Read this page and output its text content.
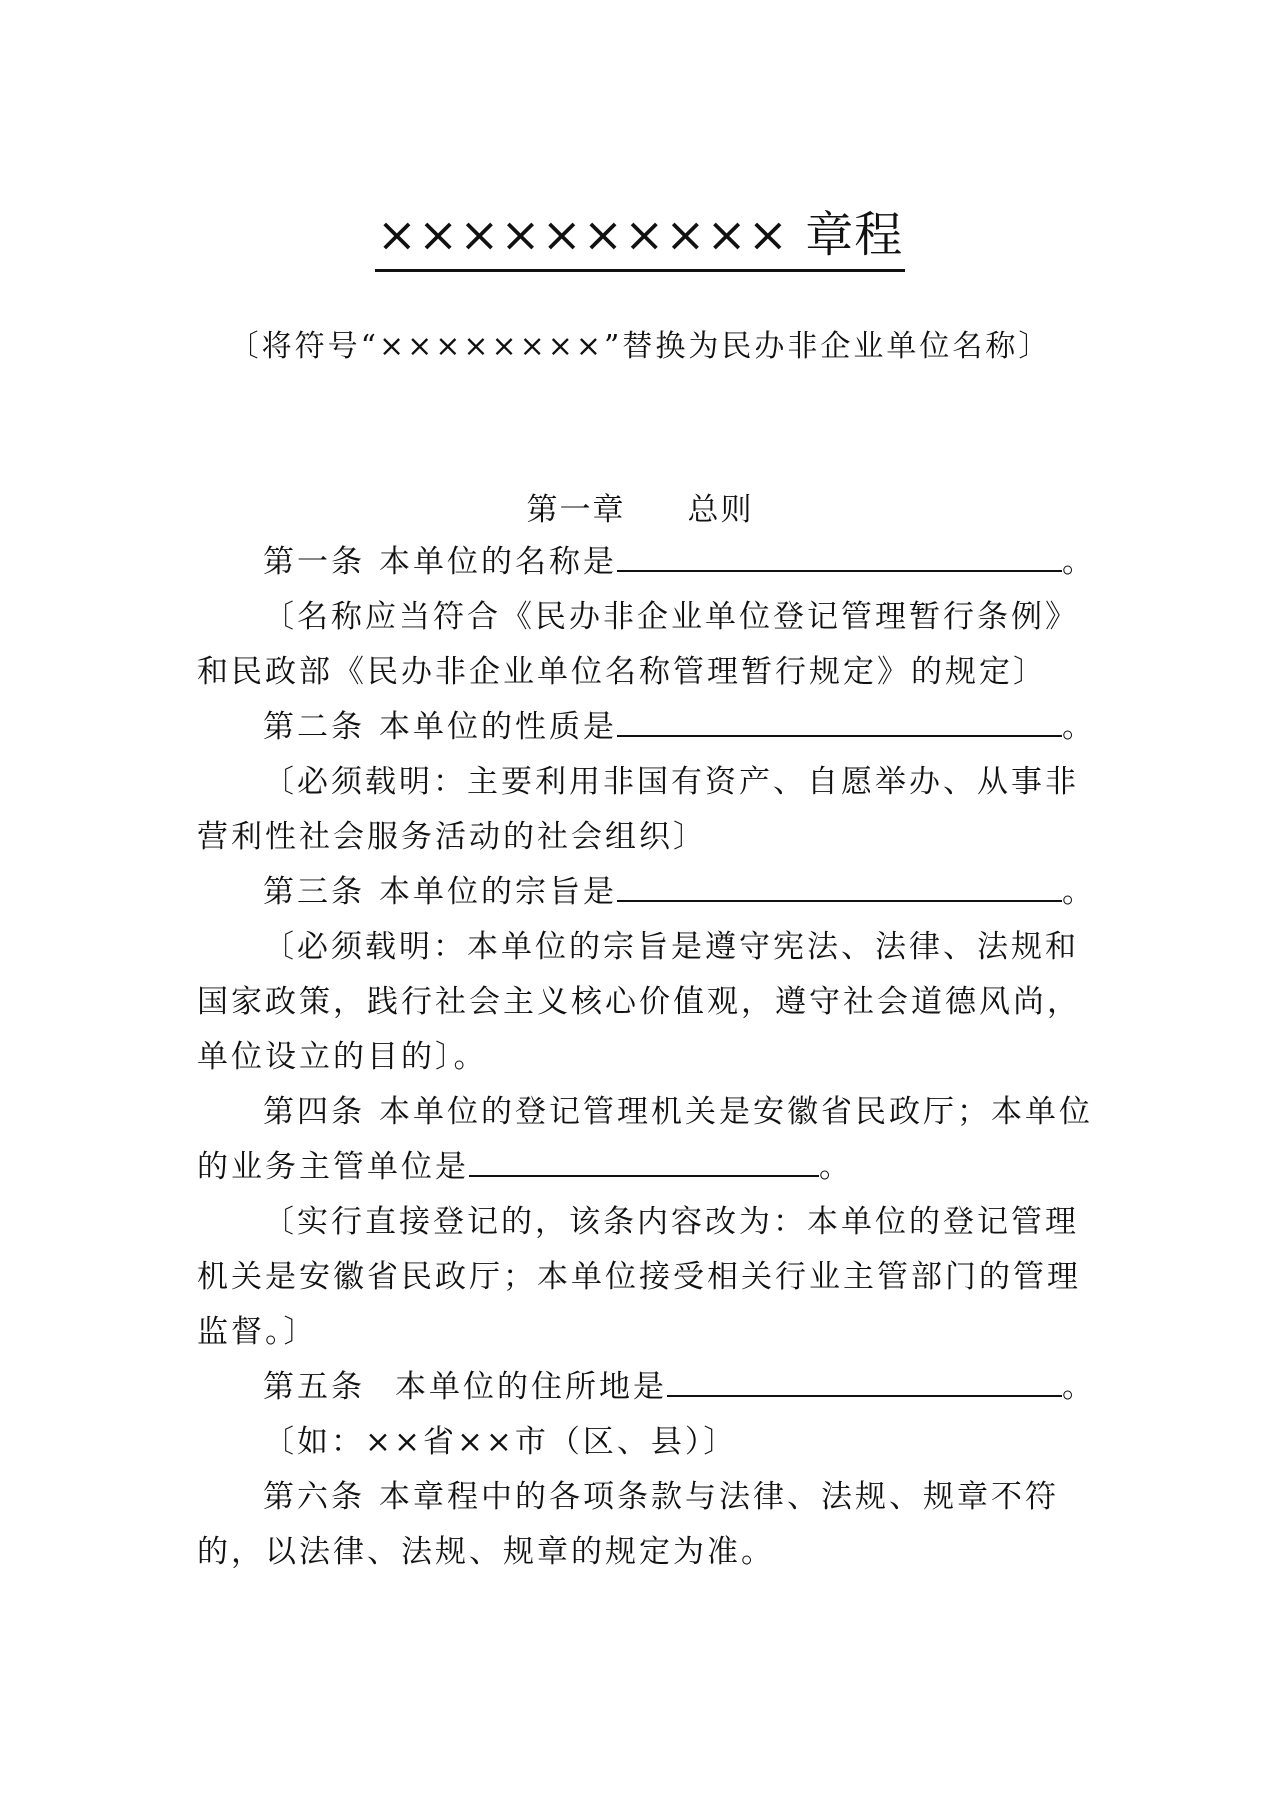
×××××××××× 章程
〔将符号“××××××××”替换为民办非企业单位名称〕
第一章 总则

第一条 本单位的名称是	。

〔名称应当符合《民办非企业单位登记管理暂行条例》和民政部《民办非企业单位名称管理暂行规定》的规定〕

第二条 本单位的性质是	。

〔必须载明：主要利用非国有资产、自愿举办、从事非营利性社会服务活动的社会组织〕

第三条 本单位的宗旨是	。

〔必须载明：本单位的宗旨是遵守宪法、法律、法规和国家政策，践行社会主义核心价值观，遵守社会道德风尚，单位设立的目的〕。

第四条 本单位的登记管理机关是安徽省民政厅；本单位的业务主管单位是	。

〔实行直接登记的，该条内容改为：本单位的登记管理机关是安徽省民政厅；本单位接受相关行业主管部门的管理监督。〕

第五条 本单位的住所地是	。

〔如：××省××市（区、县）〕

第六条 本章程中的各项条款与法律、法规、规章不符的，以法律、法规、规章的规定为准。
